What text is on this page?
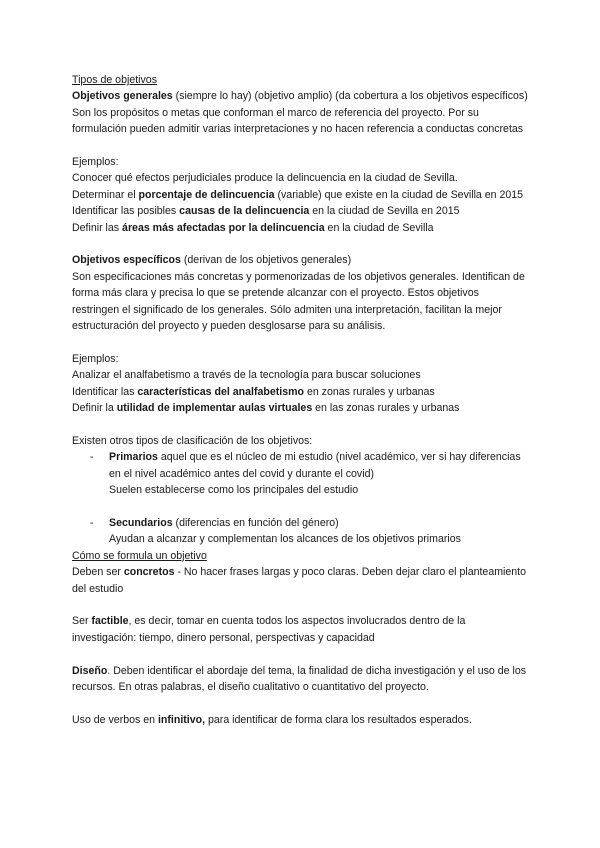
Tipos de objetivos

Objetivos generales (siempre lo hay) (objetivo amplio) (da cobertura a los objetivos específicos)

Son los propósitos o metas que conforman el marco de referencia del proyecto. Por su formulación pueden admitir varias interpretaciones y no hacen referencia a conductas concretas

Ejemplos:

Conocer qué efectos perjudiciales produce la delincuencia en la ciudad de Sevilla.

Determinar el porcentaje de delincuencia (variable) que existe en la ciudad de Sevilla en 2015

Identificar las posibles causas de la delincuencia en la ciudad de Sevilla en 2015

Definir las áreas más afectadas por la delincuencia en la ciudad de Sevilla

Objetivos específicos (derivan de los objetivos generales)

Son especificaciones más concretas y pormenorizadas de los objetivos generales. Identifican de forma más clara y precisa lo que se pretende alcanzar con el proyecto. Estos objetivos restringen el significado de los generales. Sólo admiten una interpretación, facilitan la mejor estructuración del proyecto y pueden desglosarse para su análisis.

Ejemplos:

Analizar el analfabetismo a través de la tecnología para buscar soluciones

Identificar las características del analfabetismo en zonas rurales y urbanas

Definir la utilidad de implementar aulas virtuales en las zonas rurales y urbanas

Existen otros tipos de clasificación de los objetivos:

- Primarios aquel que es el núcleo de mi estudio (nivel académico, ver si hay diferencias en el nivel académico antes del covid y durante el covid)
Suelen establecerse como los principales del estudio
- Secundarios (diferencias en función del género)
Ayudan a alcanzar y complementan los alcances de los objetivos primarios

Cómo se formula un objetivo

Deben ser concretos - No hacer frases largas y poco claras. Deben dejar claro el planteamiento del estudio

Ser factible, es decir, tomar en cuenta todos los aspectos involucrados dentro de la investigación: tiempo, dinero personal, perspectivas y capacidad

Diseño. Deben identificar el abordaje del tema, la finalidad de dicha investigación y el uso de los recursos. En otras palabras, el diseño cualitativo o cuantitativo del proyecto.

Uso de verbos en infinitivo, para identificar de forma clara los resultados esperados.
